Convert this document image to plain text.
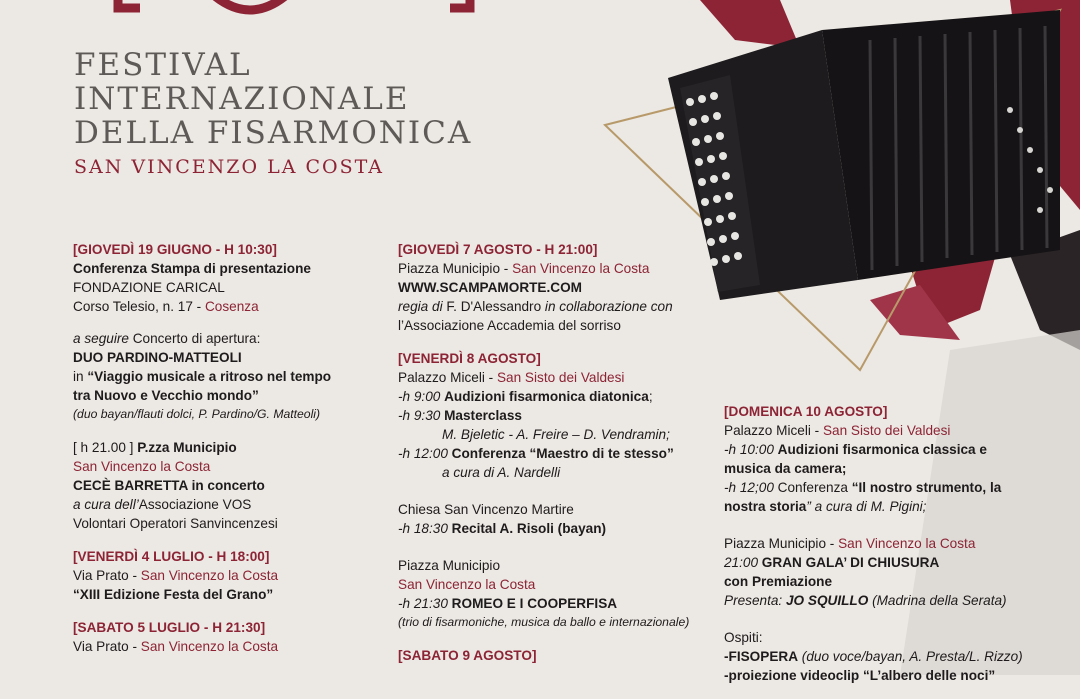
FESTIVAL
INTERNAZIONALE
DELLA FISARMONICA
SAN VINCENZO LA COSTA
[GIOVEDÌ 19 GIUGNO - H 10:30]
Conferenza Stampa di presentazione
FONDAZIONE CARICAL
Corso Telesio, n. 17 - Cosenza
a seguire Concerto di apertura:
DUO PARDINO-MATTEOLI
in “Viaggio musicale a ritroso nel tempo
tra Nuovo e Vecchio mondo”
(duo bayan/flauti dolci, P. Pardino/G. Matteoli)
[ h 21.00 ] P.zza Municipio
San Vincenzo la Costa
CECÈ BARRETTA in concerto
a cura dell’Associazione VOS
Volontari Operatori Sanvincenzesi
[VENERDÌ 4 LUGLIO - H 18:00]
Via Prato - San Vincenzo la Costa
“XIII Edizione Festa del Grano”
[SABATO 5 LUGLIO - H 21:30]
Via Prato - San Vincenzo la Costa
[GIOVEDÌ 7 AGOSTO - H 21:00]
Piazza Municipio - San Vincenzo la Costa
WWW.SCAMPAMORTE.COM
regia di F. D'Alessandro in collaborazione con
l’Associazione Accademia del sorriso
[VENERDÌ 8 AGOSTO]
Palazzo Miceli - San Sisto dei Valdesi
-h 9:00 Audizioni fisarmonica diatonica;
-h 9:30 Masterclass
M. Bjeletic - A. Freire – D. Vendramin;
-h 12:00 Conferenza “Maestro di te stesso”
a cura di A. Nardelli
Chiesa San Vincenzo Martire
-h 18:30 Recital A. Risoli (bayan)
Piazza Municipio
San Vincenzo la Costa
-h 21:30 ROMEO E I COOPERFISA
(trio di fisarmoniche, musica da ballo e internazionale)
[SABATO 9 AGOSTO]
[DOMENICA 10 AGOSTO]
Palazzo Miceli - San Sisto dei Valdesi
-h 10:00 Audizioni fisarmonica classica e
musica da camera;
-h 12;00 Conferenza “Il nostro strumento, la
nostra storia” a cura di M. Pigini;
Piazza Municipio - San Vincenzo la Costa
21:00 GRAN GALA’ DI CHIUSURA
con Premiazione
Presenta: JO SQUILLO (Madrina della Serata)
Ospiti:
-FISOPERA (duo voce/bayan, A. Presta/L. Rizzo)
-proiezione videoclip “L’albero delle noci”
